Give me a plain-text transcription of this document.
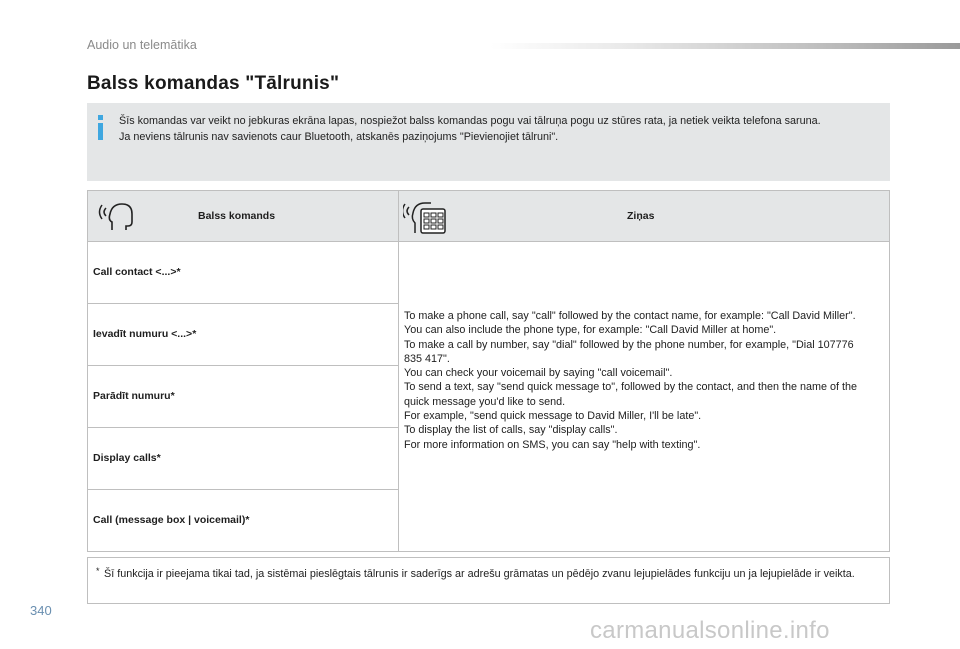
Audio un telemātika
Balss komandas "Tālrunis"

Šīs komandas var veikt no jebkuras ekrāna lapas, nospiežot balss komandas pogu vai tālruņa pogu uz stūres rata, ja netiek veikta telefona saruna.

Ja neviens tālrunis nav savienots caur Bluetooth, atskanēs paziņojums "Pievienojiet tālruni".

Balss komands	Ziņas
Call contact <...>*
Ievadīt numuru <...>*
Parādīt numuru*
Display calls*
Call (message box | voicemail)*

To make a phone call, say "call" followed by the contact name, for example: "Call David Miller".

You can also include the phone type, for example: "Call David Miller at home".

To make a call by number, say "dial" followed by the phone number, for example, "Dial 107776 835 417".

You can check your voicemail by saying "call voicemail".

To send a text, say "send quick message to", followed by the contact, and then the name of the quick message you'd like to send.

For example, "send quick message to David Miller, I'll be late".

To display the list of calls, say "display calls".

For more information on SMS, you can say "help with texting".

* Šī funkcija ir pieejama tikai tad, ja sistēmai pieslēgtais tālrunis ir saderīgs ar adrešu grāmatas un pēdējo zvanu lejupielādes funkciju un ja lejupielāde ir veikta.
340
carmanualsonline.info
